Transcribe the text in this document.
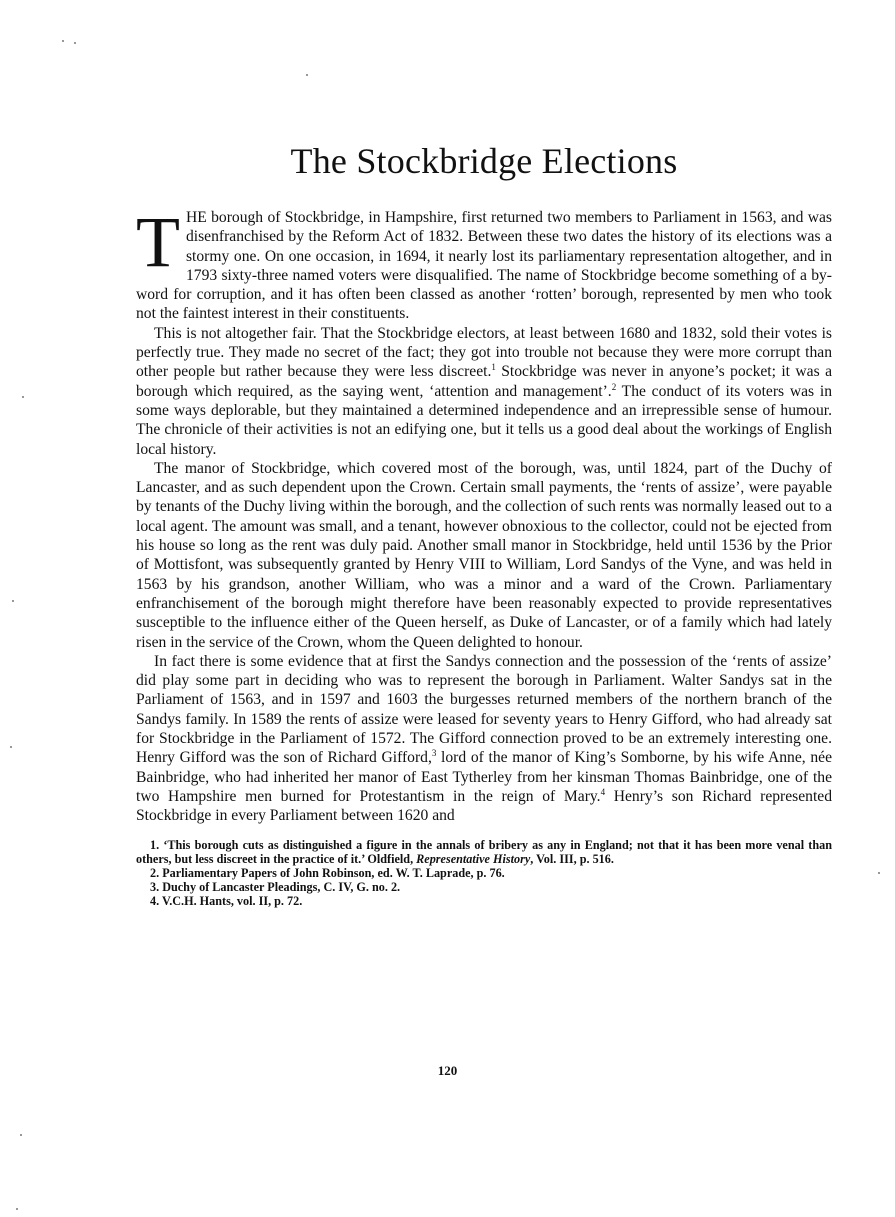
The Stockbridge Elections

THE borough of Stockbridge, in Hampshire, first returned two members to Parliament in 1563, and was disenfranchised by the Reform Act of 1832. Between these two dates the history of its elections was a stormy one. On one occasion, in 1694, it nearly lost its parliamentary representation altogether, and in 1793 sixty-three named voters were disqualified. The name of Stockbridge become something of a by-word for corruption, and it has often been classed as another ‘rotten’ borough, represented by men who took not the faintest interest in their constituents.

This is not altogether fair. That the Stockbridge electors, at least between 1680 and 1832, sold their votes is perfectly true. They made no secret of the fact; they got into trouble not because they were more corrupt than other people but rather because they were less discreet.$^1$ Stockbridge was never in anyone’s pocket; it was a borough which required, as the saying went, ‘attention and management’.$^2$ The conduct of its voters was in some ways deplorable, but they maintained a determined independence and an irrepressible sense of humour. The chronicle of their activities is not an edifying one, but it tells us a good deal about the workings of English local history.

The manor of Stockbridge, which covered most of the borough, was, until 1824, part of the Duchy of Lancaster, and as such dependent upon the Crown. Certain small payments, the ‘rents of assize’, were payable by tenants of the Duchy living within the borough, and the collection of such rents was normally leased out to a local agent. The amount was small, and a tenant, however obnoxious to the collector, could not be ejected from his house so long as the rent was duly paid. Another small manor in Stockbridge, held until 1536 by the Prior of Mottisfont, was subsequently granted by Henry VIII to William, Lord Sandys of the Vyne, and was held in 1563 by his grandson, another William, who was a minor and a ward of the Crown. Parliamentary enfranchisement of the borough might therefore have been reasonably expected to provide representatives susceptible to the influence either of the Queen herself, as Duke of Lancaster, or of a family which had lately risen in the service of the Crown, whom the Queen delighted to honour.

In fact there is some evidence that at first the Sandys connection and the possession of the ‘rents of assize’ did play some part in deciding who was to represent the borough in Parliament. Walter Sandys sat in the Parliament of 1563, and in 1597 and 1603 the burgesses returned members of the northern branch of the Sandys family. In 1589 the rents of assize were leased for seventy years to Henry Gifford, who had already sat for Stockbridge in the Parliament of 1572. The Gifford connection proved to be an extremely interesting one. Henry Gifford was the son of Richard Gifford,$^3$ lord of the manor of King’s Somborne, by his wife Anne, née Bainbridge, who had inherited her manor of East Tytherley from her kinsman Thomas Bainbridge, one of the two Hampshire men burned for Protestantism in the reign of Mary.$^4$ Henry’s son Richard represented Stockbridge in every Parliament between 1620 and

1. ‘This borough cuts as distinguished a figure in the annals of bribery as any in England; not that it has been more venal than others, but less discreet in the practice of it.’ Oldfield, Representative History, Vol. III, p. 516.

2. Parliamentary Papers of John Robinson, ed. W. T. Laprade, p. 76.

3. Duchy of Lancaster Pleadings, C. IV, G. no. 2.

4. V.C.H. Hants, vol. II, p. 72.

120
